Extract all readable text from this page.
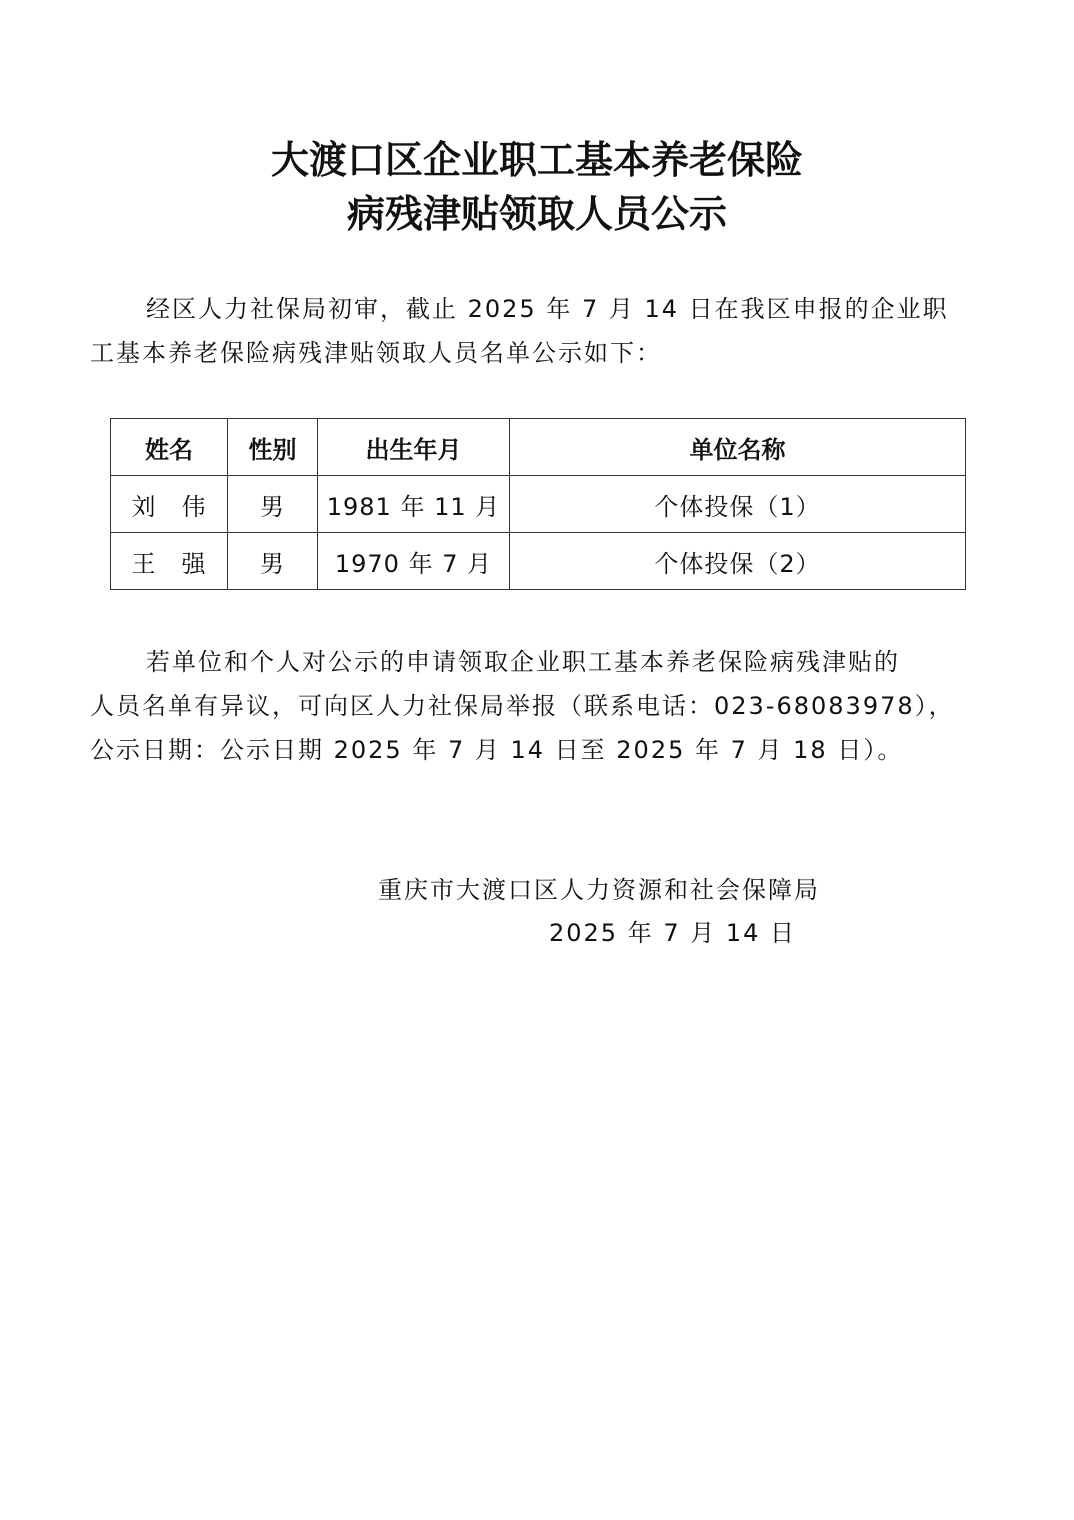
大渡口区企业职工基本养老保险
病残津贴领取人员公示
经区人力社保局初审，截止 2025 年 7 月 14 日在我区申报的企业职
工基本养老保险病残津贴领取人员名单公示如下：
姓名	性别	出生年月	单位名称
刘　伟	男	1981 年 11 月	个体投保（1）
王　强	男	1970 年 7 月	个体投保（2）
若单位和个人对公示的申请领取企业职工基本养老保险病残津贴的
人员名单有异议，可向区人力社保局举报（联系电话：023-68083978），
公示日期：公示日期 2025 年 7 月 14 日至 2025 年 7 月 18 日）。
重庆市大渡口区人力资源和社会保障局
2025 年 7 月 14 日
